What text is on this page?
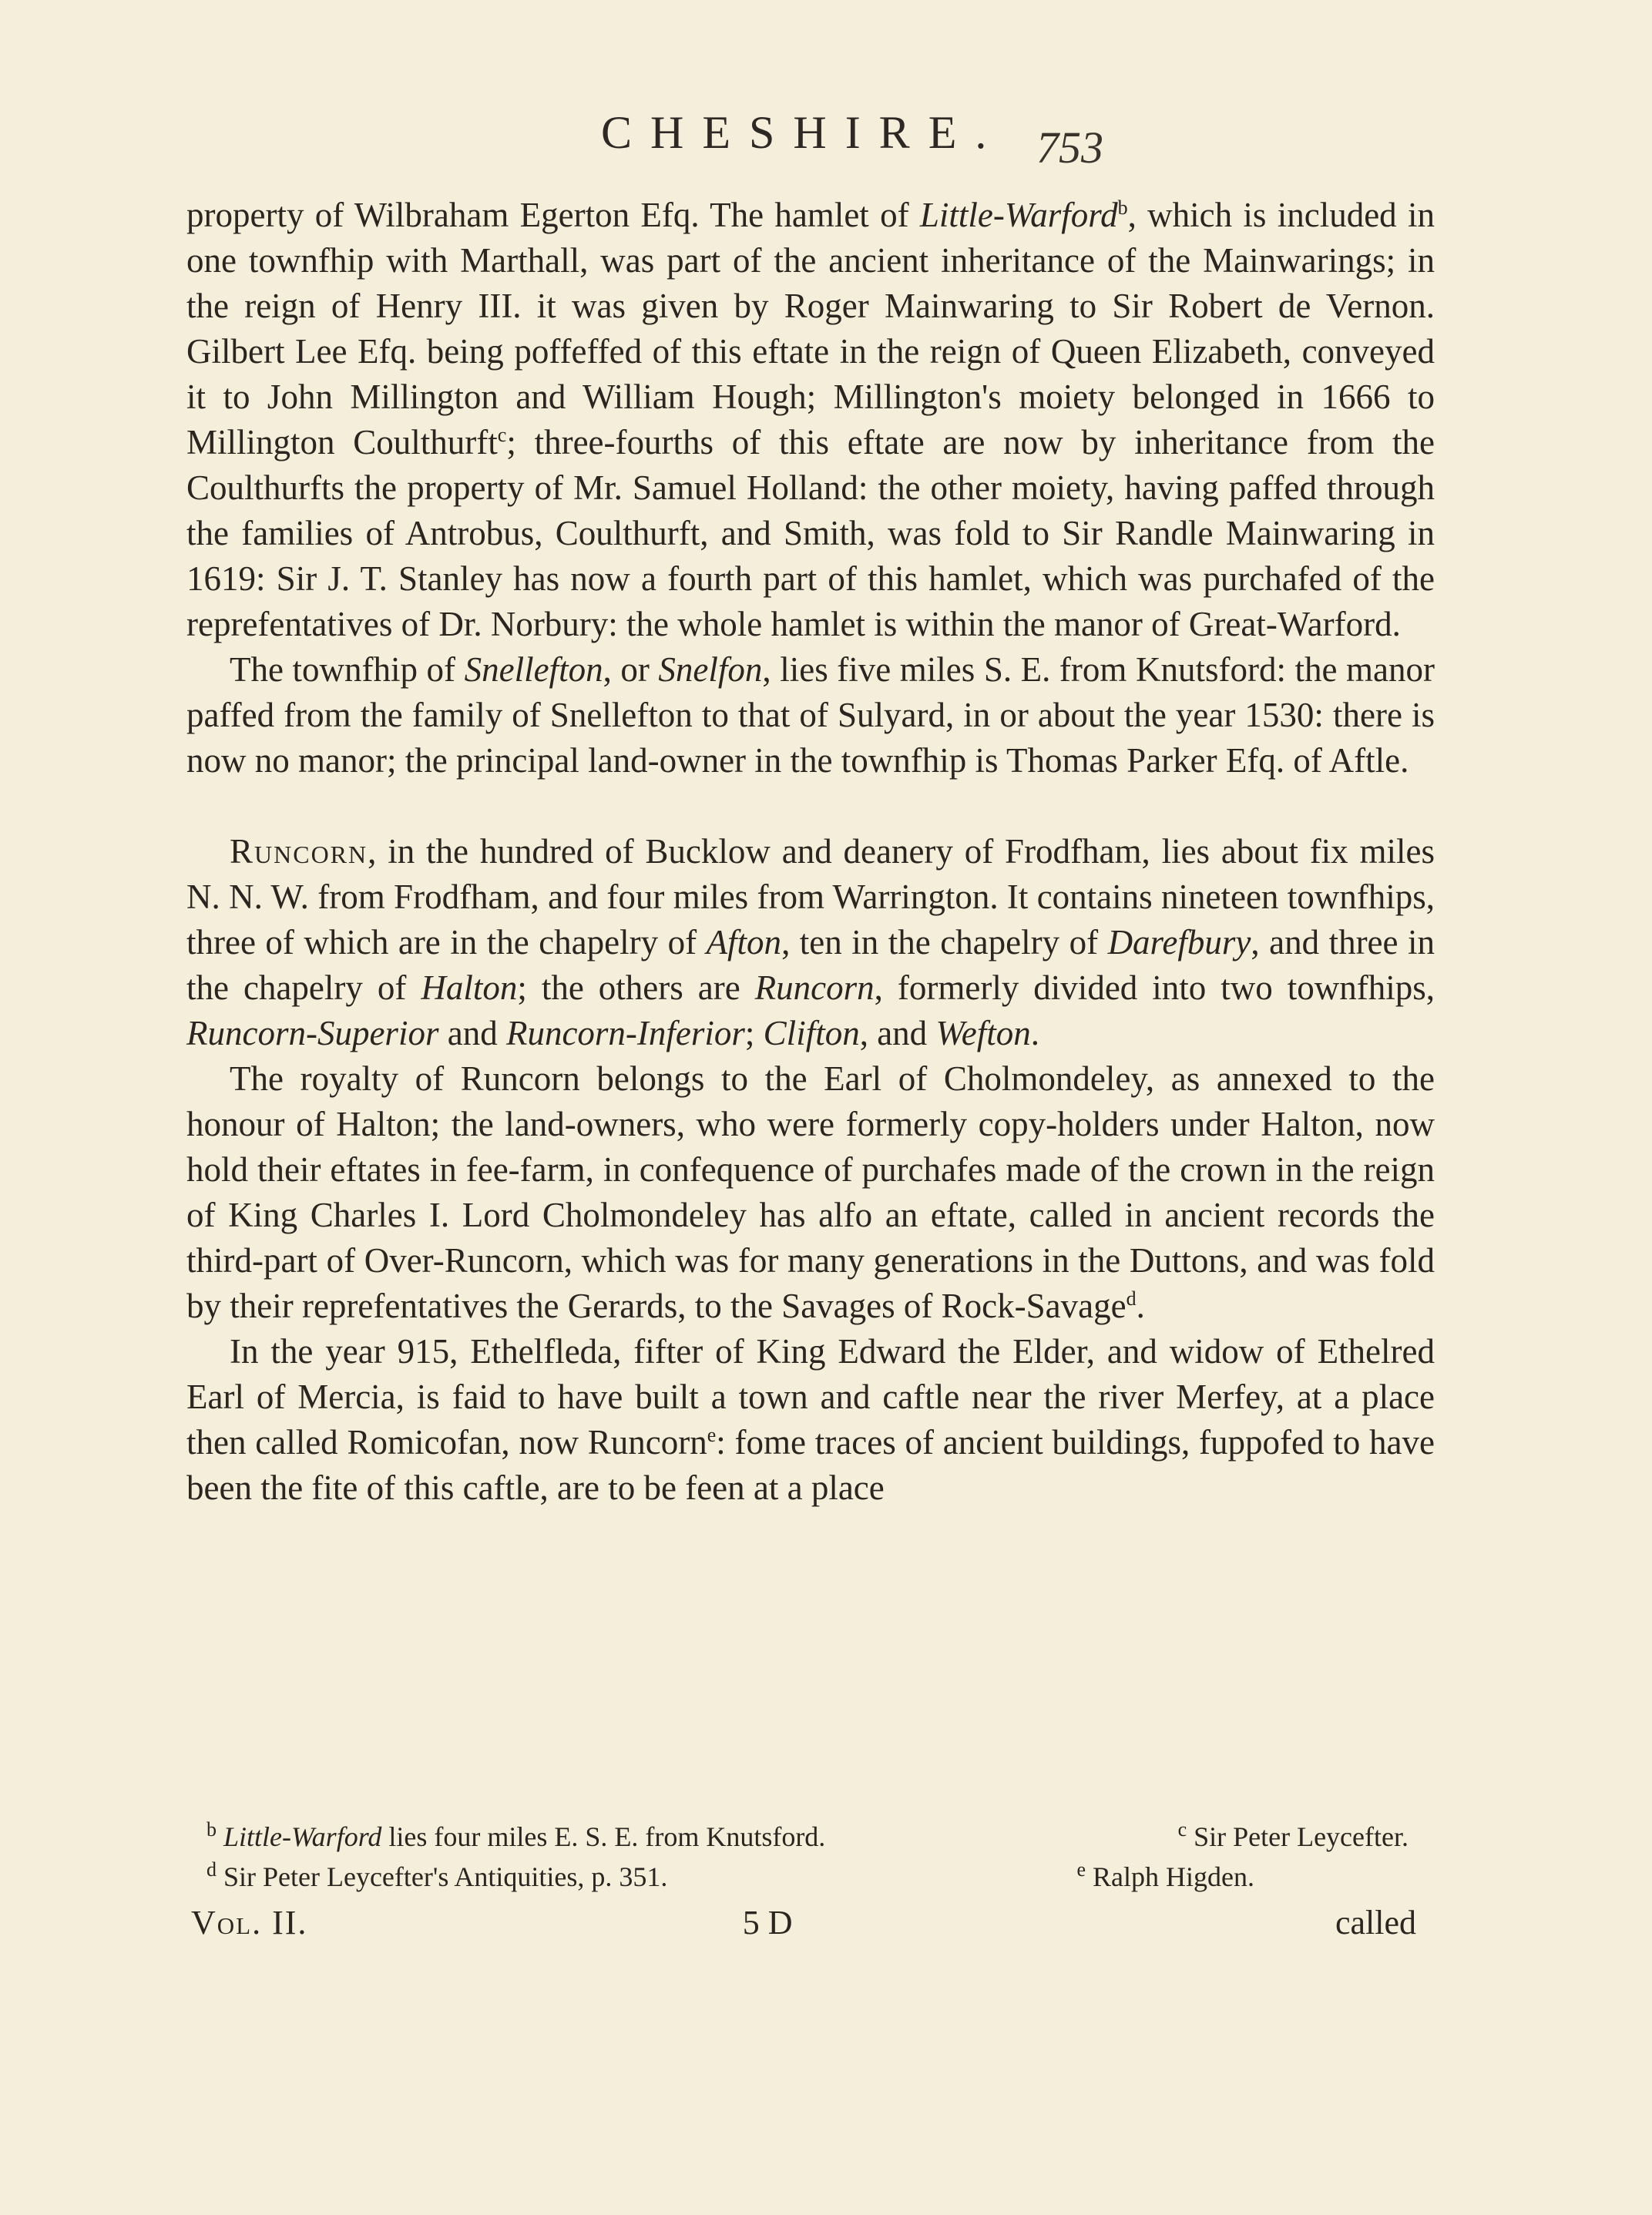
CHESHIRE. 753

property of Wilbraham Egerton Efq. The hamlet of Little-Warford$^b$, which is included in one townfhip with Marthall, was part of the ancient inheritance of the Mainwarings; in the reign of Henry III. it was given by Roger Mainwaring to Sir Robert de Vernon. Gilbert Lee Efq. being poffeffed of this eftate in the reign of Queen Elizabeth, conveyed it to John Millington and William Hough; Millington's moiety belonged in 1666 to Millington Coulthurft$^c$; three-fourths of this eftate are now by inheritance from the Coulthurfts the property of Mr. Samuel Holland: the other moiety, having paffed through the families of Antrobus, Coulthurft, and Smith, was fold to Sir Randle Mainwaring in 1619: Sir J. T. Stanley has now a fourth part of this hamlet, which was purchafed of the reprefentatives of Dr. Norbury: the whole hamlet is within the manor of Great-Warford.

The townfhip of Snellefton, or Snelfon, lies five miles S. E. from Knutsford: the manor paffed from the family of Snellefton to that of Sulyard, in or about the year 1530: there is now no manor; the principal land-owner in the townfhip is Thomas Parker Efq. of Aftle.

Runcorn, in the hundred of Bucklow and deanery of Frodfham, lies about fix miles N. N. W. from Frodfham, and four miles from Warrington. It contains nineteen townfhips, three of which are in the chapelry of Afton, ten in the chapelry of Darefbury, and three in the chapelry of Halton; the others are Runcorn, formerly divided into two townfhips, Runcorn-Superior and Runcorn-Inferior; Clifton, and Wefton.

The royalty of Runcorn belongs to the Earl of Cholmondeley, as annexed to the honour of Halton; the land-owners, who were formerly copy-holders under Halton, now hold their eftates in fee-farm, in confequence of purchafes made of the crown in the reign of King Charles I. Lord Cholmondeley has alfo an eftate, called in ancient records the third-part of Over-Runcorn, which was for many generations in the Duttons, and was fold by their reprefentatives the Gerards, to the Savages of Rock-Savage$^d$.

In the year 915, Ethelfleda, fifter of King Edward the Elder, and widow of Ethelred Earl of Mercia, is faid to have built a town and caftle near the river Merfey, at a place then called Romicofan, now Runcorn$^e$: fome traces of ancient buildings, fuppofed to have been the fite of this caftle, are to be feen at a place

$^b$ Little-Warford lies four miles E. S. E. from Knutsford.	$^c$ Sir Peter Leycefter.
$^d$ Sir Peter Leycefter's Antiquities, p. 351.	$^e$ Ralph Higden.
Vol. II.	5 D	called
